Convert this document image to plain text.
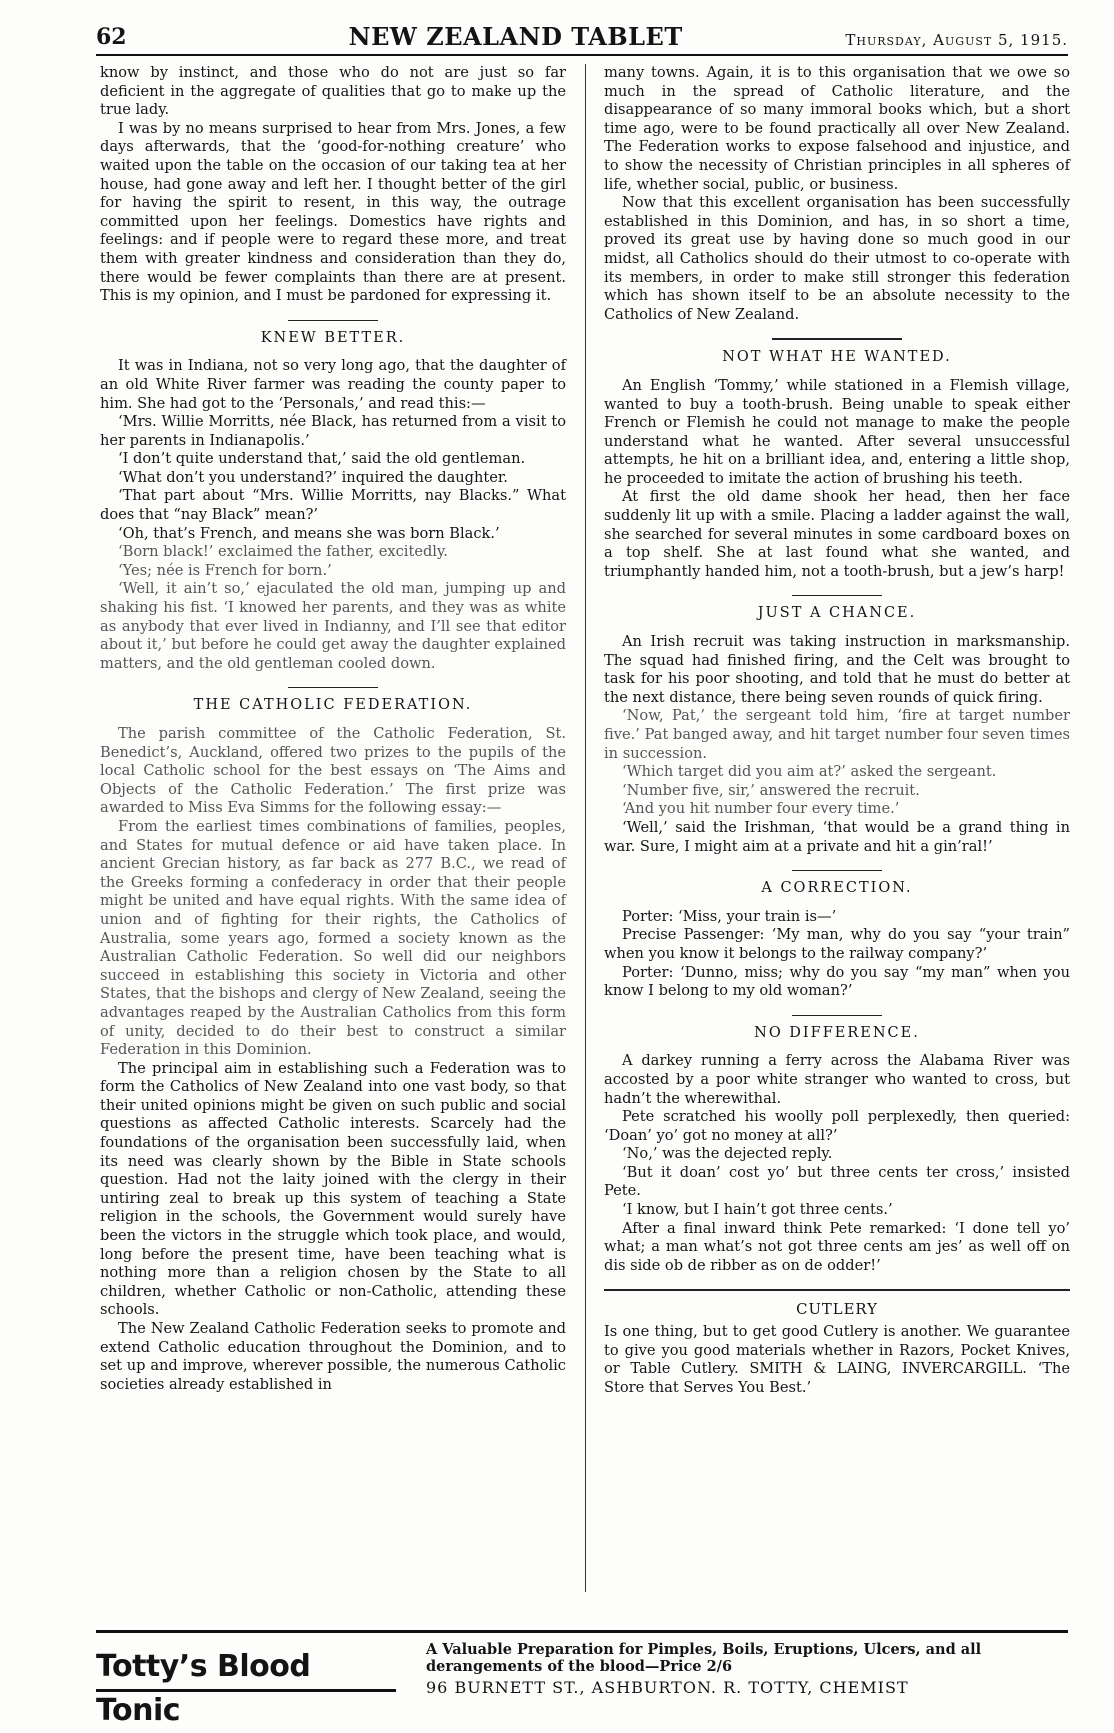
62	NEW ZEALAND TABLET	Thursday, August 5, 1915.

know by instinct, and those who do not are just so far deficient in the aggregate of qualities that go to make up the true lady.

I was by no means surprised to hear from Mrs. Jones, a few days afterwards, that the ‘good-for-nothing creature’ who waited upon the table on the occasion of our taking tea at her house, had gone away and left her. I thought better of the girl for having the spirit to resent, in this way, the outrage committed upon her feelings. Domestics have rights and feelings: and if people were to regard these more, and treat them with greater kindness and consideration than they do, there would be fewer complaints than there are at present. This is my opinion, and I must be pardoned for expressing it.

KNEW BETTER.

It was in Indiana, not so very long ago, that the daughter of an old White River farmer was reading the county paper to him. She had got to the ‘Personals,’ and read this:—

‘Mrs. Willie Morritts, née Black, has returned from a visit to her parents in Indianapolis.’

‘I don’t quite understand that,’ said the old gentleman.

‘What don’t you understand?’ inquired the daughter.

‘That part about “Mrs. Willie Morritts, nay Blacks.” What does that “nay Black” mean?’

‘Oh, that’s French, and means she was born Black.’

‘Born black!’ exclaimed the father, excitedly.

‘Yes; née is French for born.’

‘Well, it ain’t so,’ ejaculated the old man, jumping up and shaking his fist. ‘I knowed her parents, and they was as white as anybody that ever lived in Indianny, and I’ll see that editor about it,’ but before he could get away the daughter explained matters, and the old gentleman cooled down.

THE CATHOLIC FEDERATION.

The parish committee of the Catholic Federation, St. Benedict’s, Auckland, offered two prizes to the pupils of the local Catholic school for the best essays on ‘The Aims and Objects of the Catholic Federation.’ The first prize was awarded to Miss Eva Simms for the following essay:—

From the earliest times combinations of families, peoples, and States for mutual defence or aid have taken place. In ancient Grecian history, as far back as 277 B.C., we read of the Greeks forming a confederacy in order that their people might be united and have equal rights. With the same idea of union and of fighting for their rights, the Catholics of Australia, some years ago, formed a society known as the Australian Catholic Federation. So well did our neighbors succeed in establishing this society in Victoria and other States, that the bishops and clergy of New Zealand, seeing the advantages reaped by the Australian Catholics from this form of unity, decided to do their best to construct a similar Federation in this Dominion.

The principal aim in establishing such a Federation was to form the Catholics of New Zealand into one vast body, so that their united opinions might be given on such public and social questions as affected Catholic interests. Scarcely had the foundations of the organisation been successfully laid, when its need was clearly shown by the Bible in State schools question. Had not the laity joined with the clergy in their untiring zeal to break up this system of teaching a State religion in the schools, the Government would surely have been the victors in the struggle which took place, and would, long before the present time, have been teaching what is nothing more than a religion chosen by the State to all children, whether Catholic or non-Catholic, attending these schools.

The New Zealand Catholic Federation seeks to promote and extend Catholic education throughout the Dominion, and to set up and improve, wherever possible, the numerous Catholic societies already established in

many towns. Again, it is to this organisation that we owe so much in the spread of Catholic literature, and the disappearance of so many immoral books which, but a short time ago, were to be found practically all over New Zealand. The Federation works to expose falsehood and injustice, and to show the necessity of Christian principles in all spheres of life, whether social, public, or business.

Now that this excellent organisation has been successfully established in this Dominion, and has, in so short a time, proved its great use by having done so much good in our midst, all Catholics should do their utmost to co-operate with its members, in order to make still stronger this federation which has shown itself to be an absolute necessity to the Catholics of New Zealand.

NOT WHAT HE WANTED.

An English ‘Tommy,’ while stationed in a Flemish village, wanted to buy a tooth-brush. Being unable to speak either French or Flemish he could not manage to make the people understand what he wanted. After several unsuccessful attempts, he hit on a brilliant idea, and, entering a little shop, he proceeded to imitate the action of brushing his teeth.

At first the old dame shook her head, then her face suddenly lit up with a smile. Placing a ladder against the wall, she searched for several minutes in some cardboard boxes on a top shelf. She at last found what she wanted, and triumphantly handed him, not a tooth-brush, but a jew’s harp!

JUST A CHANCE.

An Irish recruit was taking instruction in marksmanship. The squad had finished firing, and the Celt was brought to task for his poor shooting, and told that he must do better at the next distance, there being seven rounds of quick firing.

‘Now, Pat,’ the sergeant told him, ‘fire at target number five.’ Pat banged away, and hit target number four seven times in succession.

‘Which target did you aim at?’ asked the sergeant.

‘Number five, sir,’ answered the recruit.

‘And you hit number four every time.’

‘Well,’ said the Irishman, ‘that would be a grand thing in war. Sure, I might aim at a private and hit a gin’ral!’

A CORRECTION.

Porter: ‘Miss, your train is—’

Precise Passenger: ‘My man, why do you say “your train” when you know it belongs to the railway company?’

Porter: ‘Dunno, miss; why do you say “my man” when you know I belong to my old woman?’

NO DIFFERENCE.

A darkey running a ferry across the Alabama River was accosted by a poor white stranger who wanted to cross, but hadn’t the wherewithal.

Pete scratched his woolly poll perplexedly, then queried: ‘Doan’ yo’ got no money at all?’

‘No,’ was the dejected reply.

‘But it doan’ cost yo’ but three cents ter cross,’ insisted Pete.

‘I know, but I hain’t got three cents.’

After a final inward think Pete remarked: ‘I done tell yo’ what; a man what’s not got three cents am jes’ as well off on dis side ob de ribber as on de odder!’

CUTLERY

Is one thing, but to get good Cutlery is another. We guarantee to give you good materials whether in Razors, Pocket Knives, or Table Cutlery. SMITH & LAING, INVERCARGILL. ‘The Store that Serves You Best.’

Totty’s Blood Tonic
A Valuable Preparation for Pimples, Boils, Eruptions, Ulcers, and all
derangements of the blood—Price 2/6
96 BURNETT ST., ASHBURTON. R. TOTTY, CHEMIST
